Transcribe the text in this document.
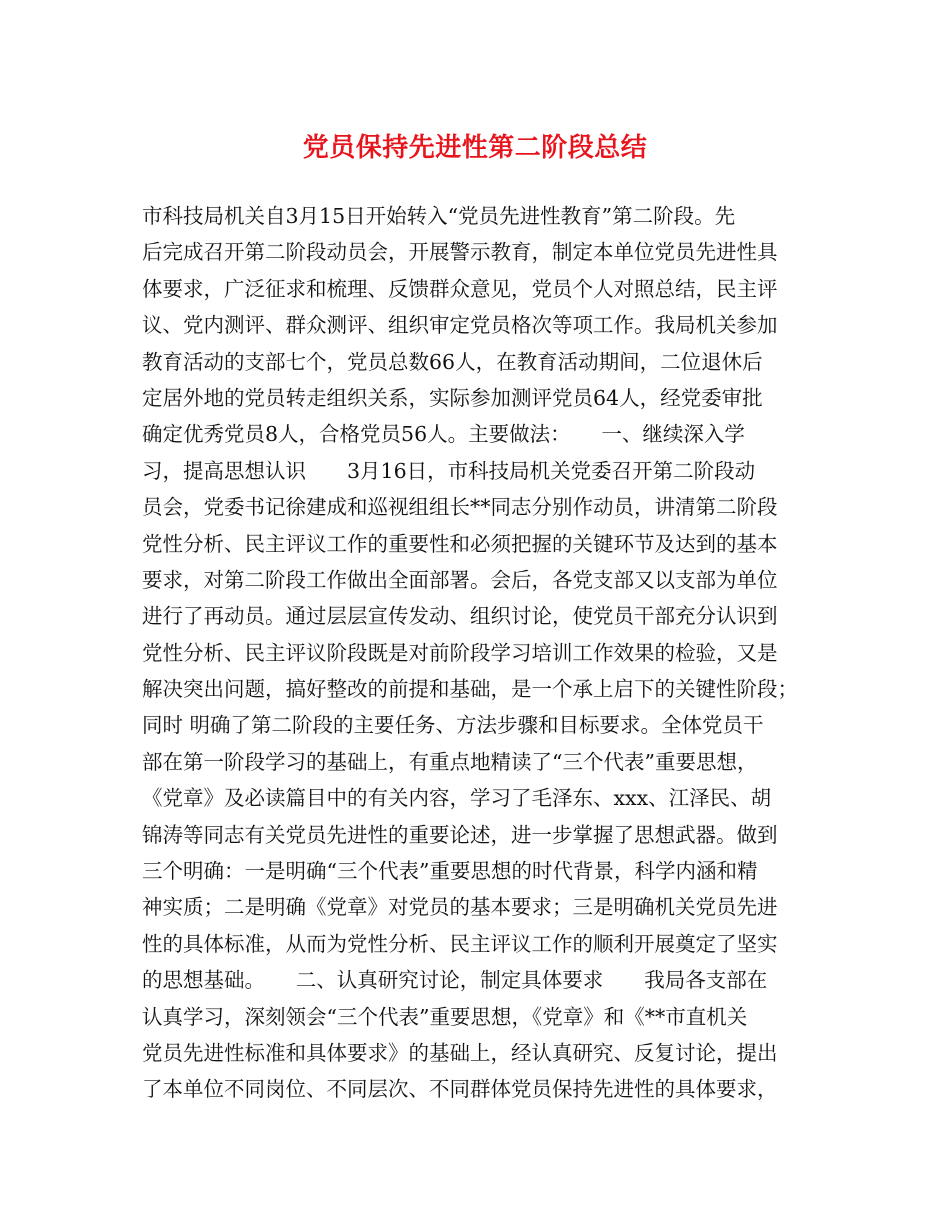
党员保持先进性第二阶段总结
市科技局机关自3月15日开始转入“党员先进性教育”第二阶段。先
后完成召开第二阶段动员会，开展警示教育，制定本单位党员先进性具
体要求，广泛征求和梳理、反馈群众意见，党员个人对照总结，民主评
议、党内测评、群众测评、组织审定党员格次等项工作。我局机关参加
教育活动的支部七个，党员总数66人，在教育活动期间，二位退休后
定居外地的党员转走组织关系，实际参加测评党员64人，经党委审批
确定优秀党员8人，合格党员56人。主要做法：　　一、继续深入学
习，提高思想认识　　3月16日，市科技局机关党委召开第二阶段动
员会，党委书记徐建成和巡视组组长**同志分别作动员，讲清第二阶段
党性分析、民主评议工作的重要性和必须把握的关键环节及达到的基本
要求，对第二阶段工作做出全面部署。会后，各党支部又以支部为单位
进行了再动员。通过层层宣传发动、组织讨论，使党员干部充分认识到
党性分析、民主评议阶段既是对前阶段学习培训工作效果的检验，又是
解决突出问题，搞好整改的前提和基础，是一个承上启下的关键性阶段；
同时 明确了第二阶段的主要任务、方法步骤和目标要求。全体党员干
部在第一阶段学习的基础上，有重点地精读了“三个代表”重要思想，
《党章》及必读篇目中的有关内容，学习了毛泽东、xxx、江泽民、胡
锦涛等同志有关党员先进性的重要论述，进一步掌握了思想武器。做到
三个明确：一是明确“三个代表”重要思想的时代背景，科学内涵和精
神实质；二是明确《党章》对党员的基本要求；三是明确机关党员先进
性的具体标准，从而为党性分析、民主评议工作的顺利开展奠定了坚实
的思想基础。　　二、认真研究讨论，制定具体要求　　我局各支部在
认真学习，深刻领会“三个代表”重要思想，《党章》和《**市直机关
党员先进性标准和具体要求》的基础上，经认真研究、反复讨论，提出
了本单位不同岗位、不同层次、不同群体党员保持先进性的具体要求，
